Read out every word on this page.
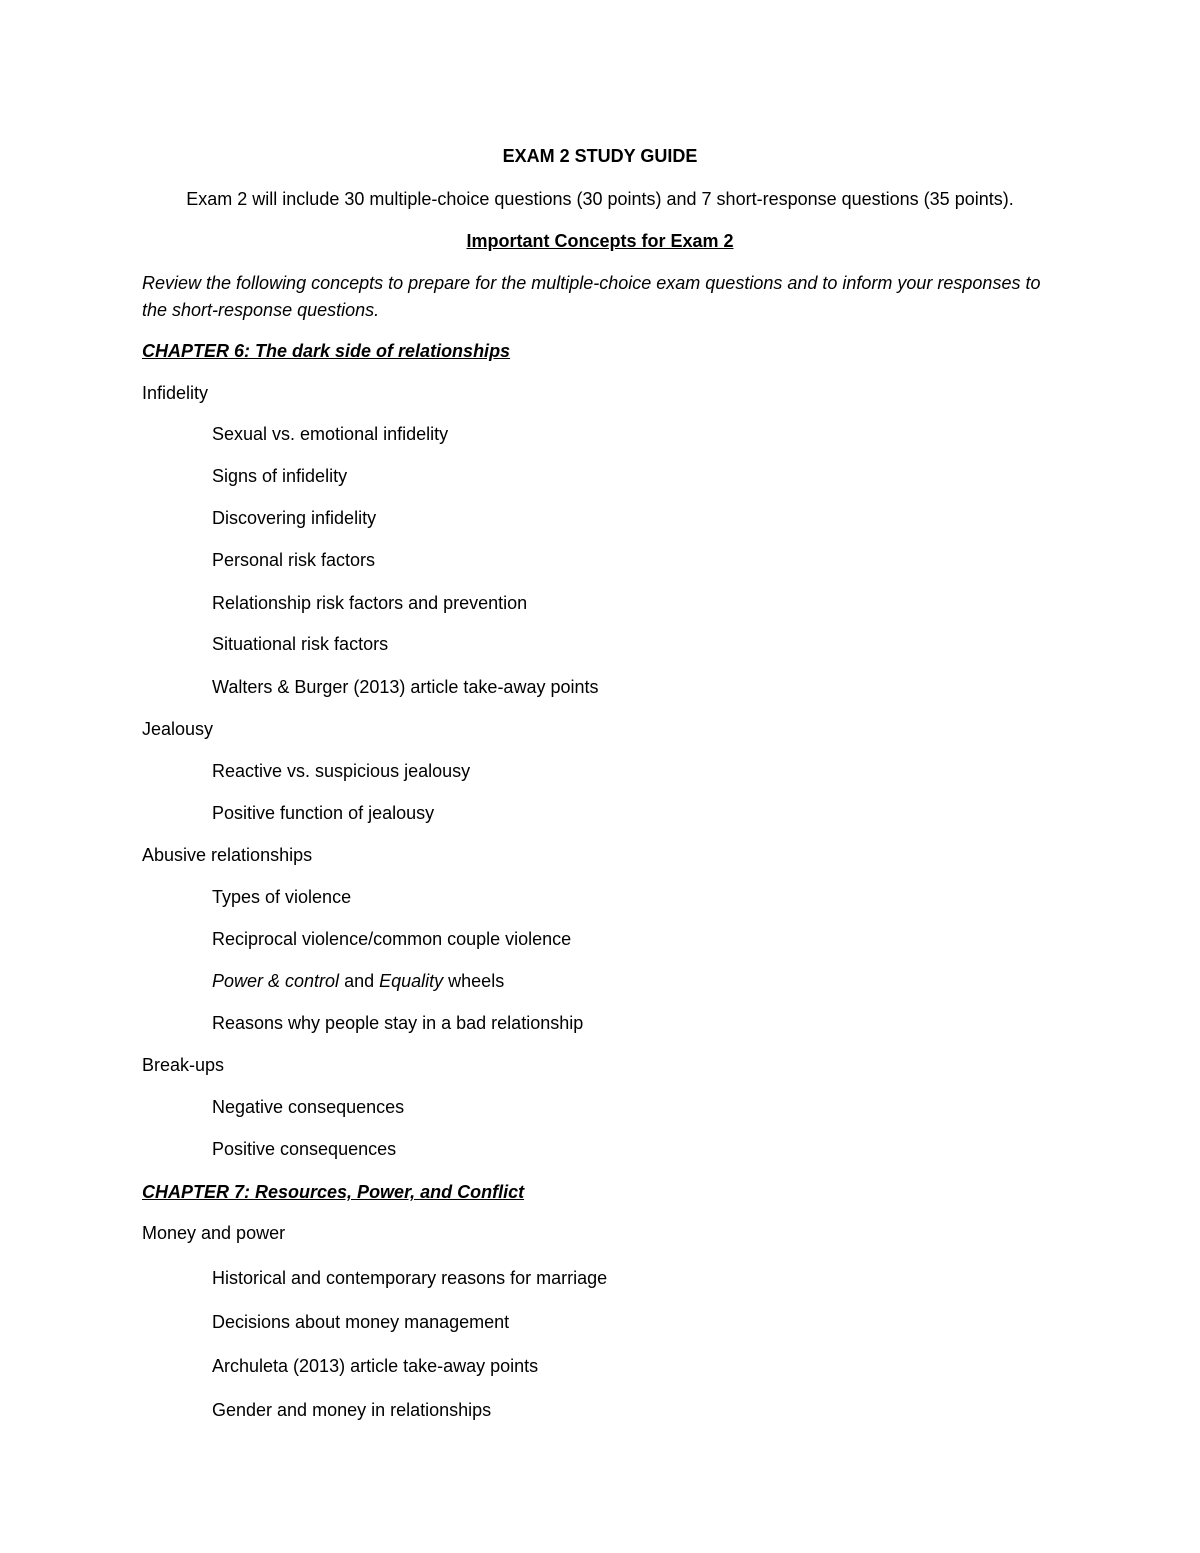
EXAM 2 STUDY GUIDE
Exam 2 will include 30 multiple-choice questions (30 points) and 7 short-response questions (35 points).
Important Concepts for Exam 2
Review the following concepts to prepare for the multiple-choice exam questions and to inform your responses to the short-response questions.
CHAPTER 6: The dark side of relationships
Infidelity
Sexual vs. emotional infidelity
Signs of infidelity
Discovering infidelity
Personal risk factors
Relationship risk factors and prevention
Situational risk factors
Walters & Burger (2013) article take-away points
Jealousy
Reactive vs. suspicious jealousy
Positive function of jealousy
Abusive relationships
Types of violence
Reciprocal violence/common couple violence
Power & control and Equality wheels
Reasons why people stay in a bad relationship
Break-ups
Negative consequences
Positive consequences
CHAPTER 7: Resources, Power, and Conflict
Money and power
Historical and contemporary reasons for marriage
Decisions about money management
Archuleta (2013) article take-away points
Gender and money in relationships
